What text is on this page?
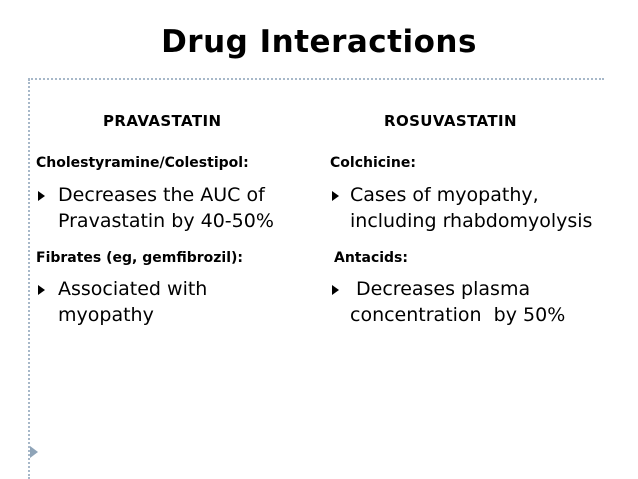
Drug Interactions
PRAVASTATIN
Cholestyramine/Colestipol:
Decreases the AUC of
Pravastatin by 40-50%
Fibrates (eg, gemfibrozil):
Associated with
myopathy
ROSUVASTATIN
Colchicine:
Cases of myopathy,
including rhabdomyolysis
Antacids:
Decreases plasma
concentration  by 50%
